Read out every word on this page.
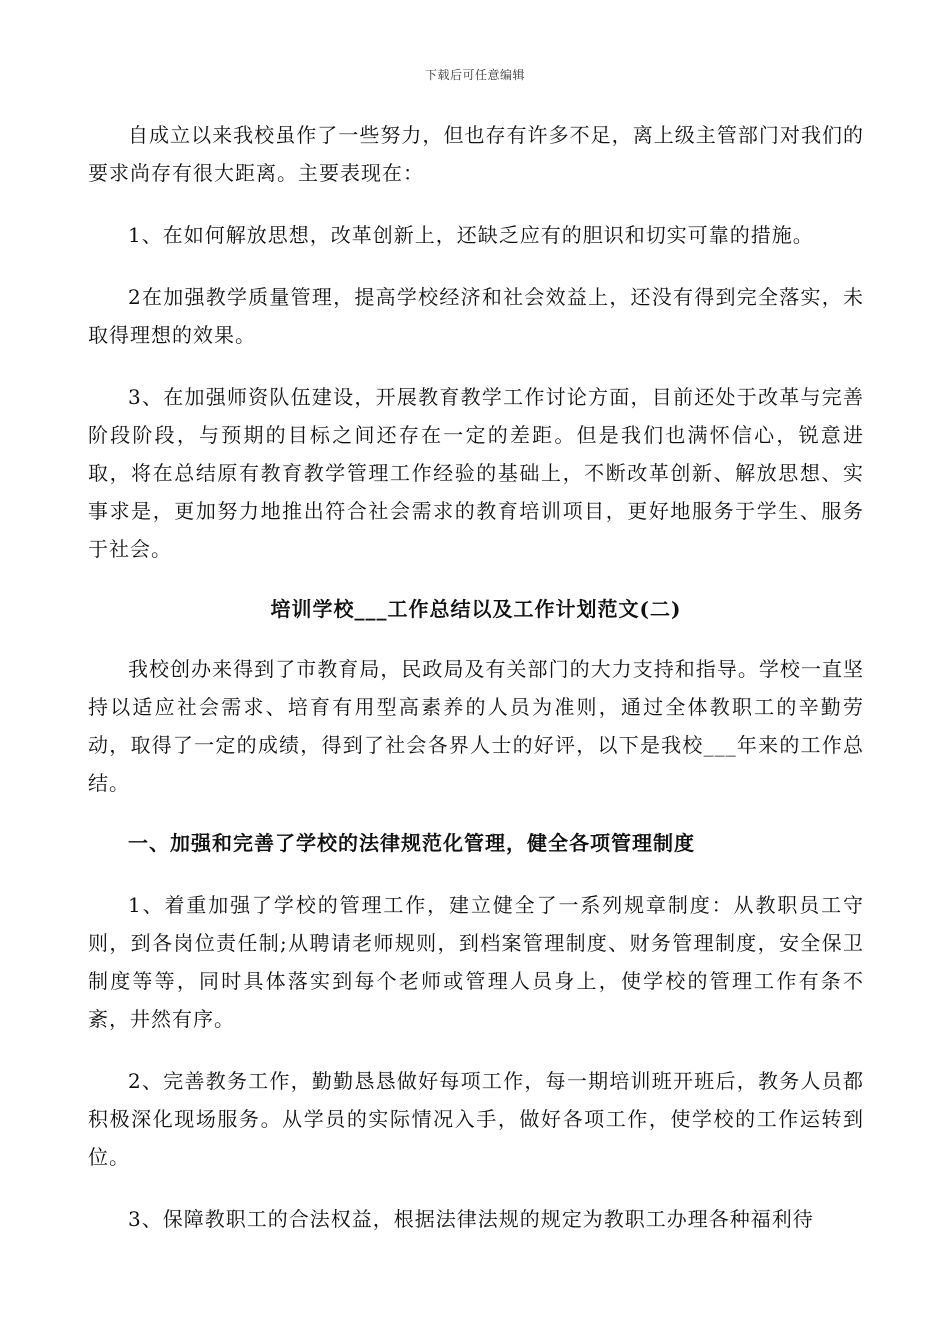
下载后可任意编辑

自成立以来我校虽作了一些努力，但也存有许多不足，离上级主管部门对我们的要求尚存有很大距离。主要表现在：

1、在如何解放思想，改革创新上，还缺乏应有的胆识和切实可靠的措施。

2在加强教学质量管理，提高学校经济和社会效益上，还没有得到完全落实，未取得理想的效果。

3、在加强师资队伍建设，开展教育教学工作讨论方面，目前还处于改革与完善阶段阶段，与预期的目标之间还存在一定的差距。但是我们也满怀信心，锐意进取，将在总结原有教育教学管理工作经验的基础上，不断改革创新、解放思想、实事求是，更加努力地推出符合社会需求的教育培训项目，更好地服务于学生、服务于社会。

培训学校___工作总结以及工作计划范文(二)

我校创办来得到了市教育局，民政局及有关部门的大力支持和指导。学校一直坚持以适应社会需求、培育有用型高素养的人员为准则，通过全体教职工的辛勤劳动，取得了一定的成绩，得到了社会各界人士的好评，以下是我校___年来的工作总结。

一、加强和完善了学校的法律规范化管理，健全各项管理制度

1、着重加强了学校的管理工作，建立健全了一系列规章制度：从教职员工守则，到各岗位责任制;从聘请老师规则，到档案管理制度、财务管理制度，安全保卫制度等等，同时具体落实到每个老师或管理人员身上，使学校的管理工作有条不紊，井然有序。

2、完善教务工作，勤勤恳恳做好每项工作，每一期培训班开班后，教务人员都积极深化现场服务。从学员的实际情况入手，做好各项工作，使学校的工作运转到位。

3、保障教职工的合法权益，根据法律法规的规定为教职工办理各种福利待
